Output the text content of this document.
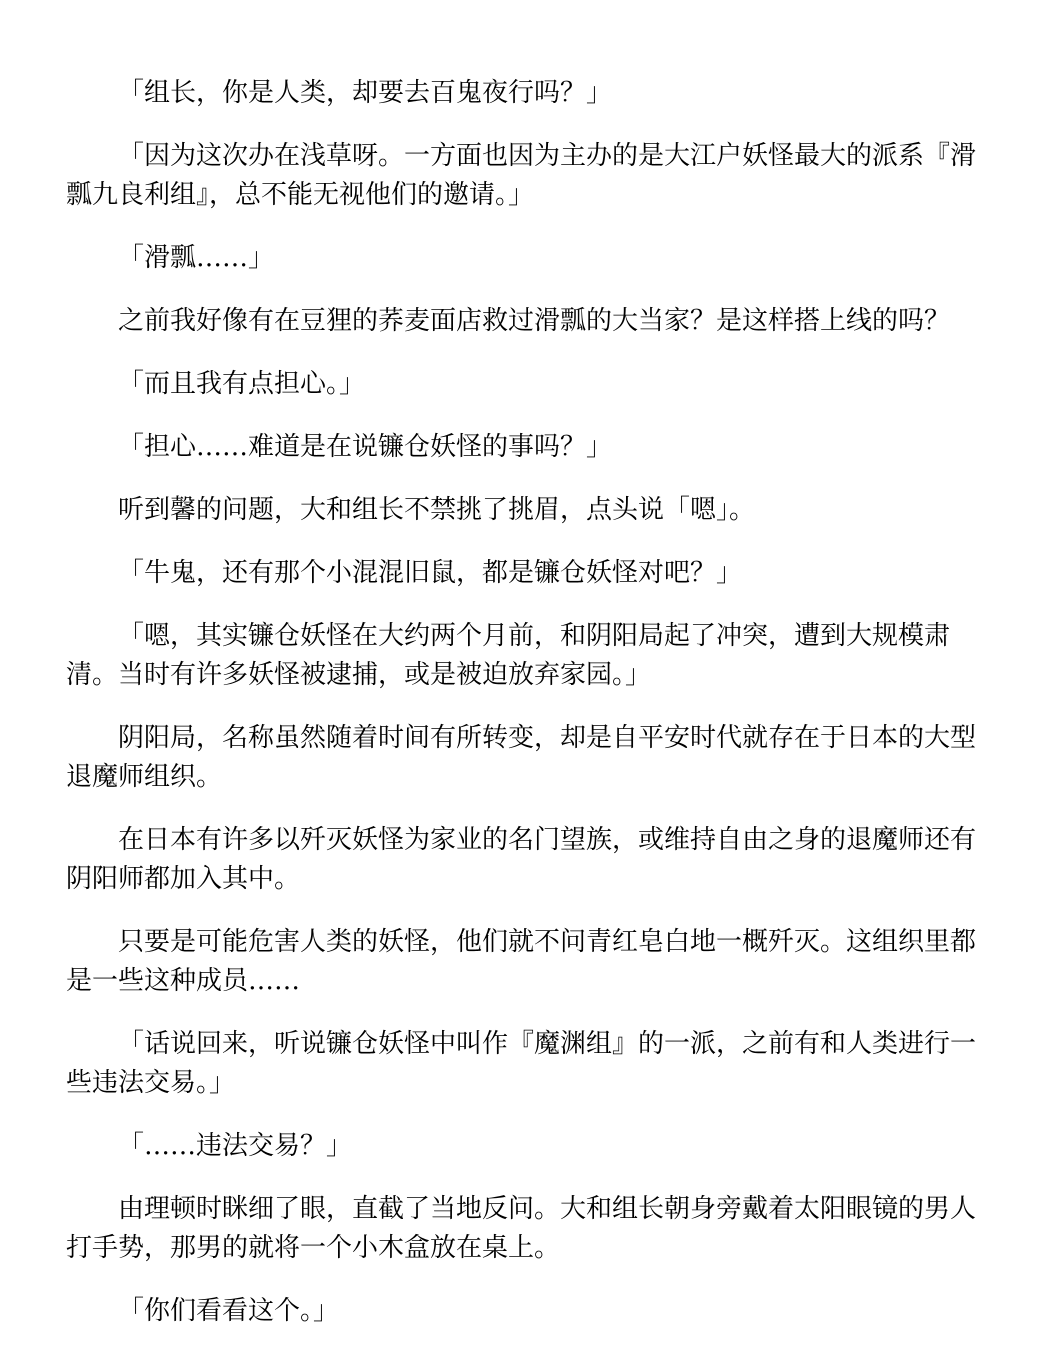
「组长，你是人类，却要去百鬼夜行吗？」

「因为这次办在浅草呀。一方面也因为主办的是大江户妖怪最大的派系『滑瓢九良利组』，总不能无视他们的邀请。」

「滑瓢……」

之前我好像有在豆狸的荞麦面店救过滑瓢的大当家？是这样搭上线的吗？

「而且我有点担心。」

「担心……难道是在说镰仓妖怪的事吗？」

听到馨的问题，大和组长不禁挑了挑眉，点头说「嗯」。

「牛鬼，还有那个小混混旧鼠，都是镰仓妖怪对吧？」

「嗯，其实镰仓妖怪在大约两个月前，和阴阳局起了冲突，遭到大规模肃清。当时有许多妖怪被逮捕，或是被迫放弃家园。」

阴阳局，名称虽然随着时间有所转变，却是自平安时代就存在于日本的大型退魔师组织。

在日本有许多以歼灭妖怪为家业的名门望族，或维持自由之身的退魔师还有阴阳师都加入其中。

只要是可能危害人类的妖怪，他们就不问青红皂白地一概歼灭。这组织里都是一些这种成员……

「话说回来，听说镰仓妖怪中叫作『魔渊组』的一派，之前有和人类进行一些违法交易。」

「……违法交易？」

由理顿时眯细了眼，直截了当地反问。大和组长朝身旁戴着太阳眼镜的男人打手势，那男的就将一个小木盒放在桌上。

「你们看看这个。」
